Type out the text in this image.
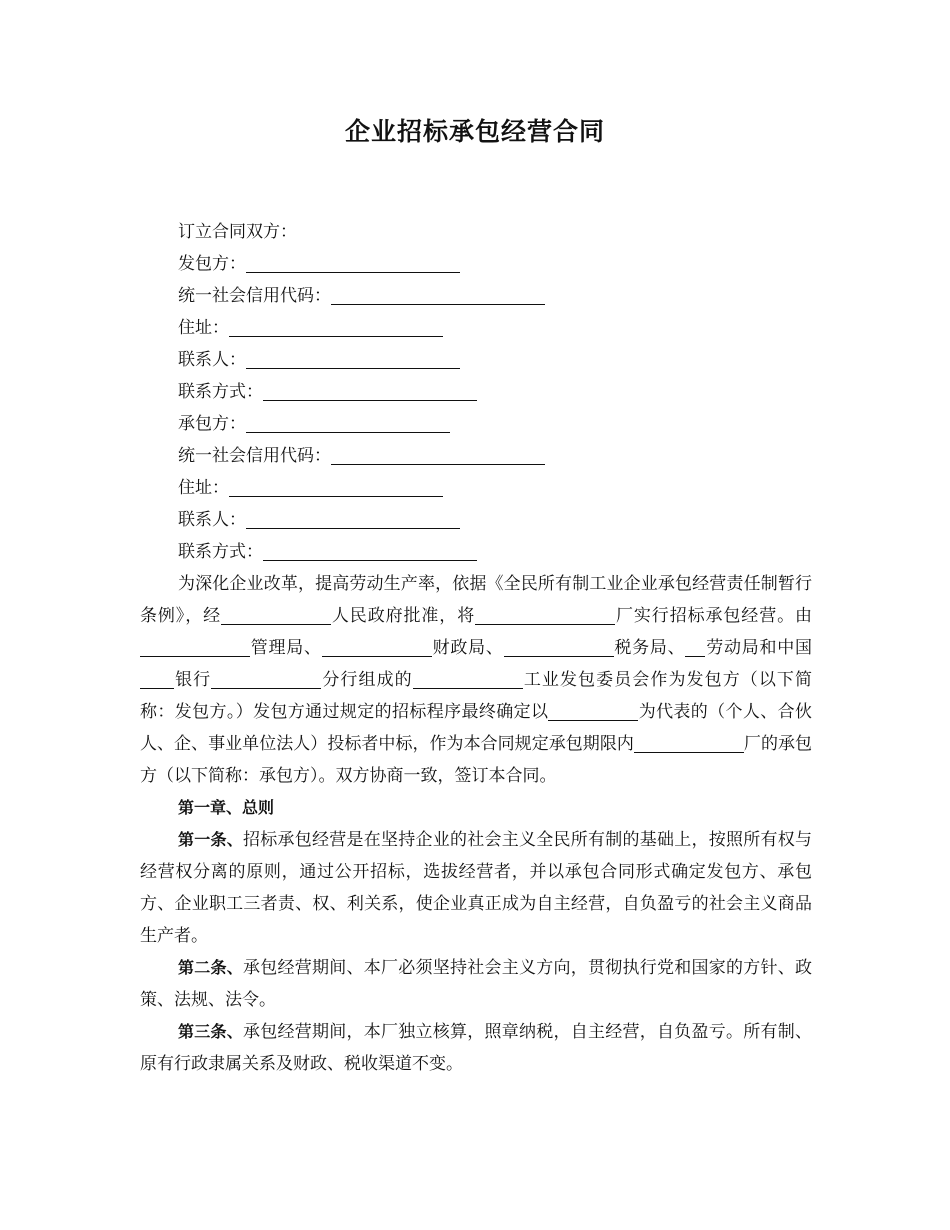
企业招标承包经营合同
订立合同双方：
发包方：
统一社会信用代码：
住址：
联系人：
联系方式：
承包方：
统一社会信用代码：
住址：
联系人：
联系方式：

为深化企业改革，提高劳动生产率，依据《全民所有制工业企业承包经营责任制暂行条例》，经	人民政府批准，将	厂实行招标承包经营。由管理局、	财政局、	税务局、 劳动局和中国银行	分行组成的	工业发包委员会作为发包方（以下简称：发包方。）发包方通过规定的招标程序最终确定以	为代表的（个人、合伙人、企、事业单位法人）投标者中标，作为本合同规定承包期限内	厂的承包方（以下简称：承包方）。双方协商一致，签订本合同。

第一章、总则

第一条、招标承包经营是在坚持企业的社会主义全民所有制的基础上，按照所有权与经营权分离的原则，通过公开招标，选拔经营者，并以承包合同形式确定发包方、承包方、企业职工三者责、权、利关系，使企业真正成为自主经营，自负盈亏的社会主义商品生产者。

第二条、承包经营期间、本厂必须坚持社会主义方向，贯彻执行党和国家的方针、政策、法规、法令。

第三条、承包经营期间，本厂独立核算，照章纳税，自主经营，自负盈亏。所有制、原有行政隶属关系及财政、税收渠道不变。
